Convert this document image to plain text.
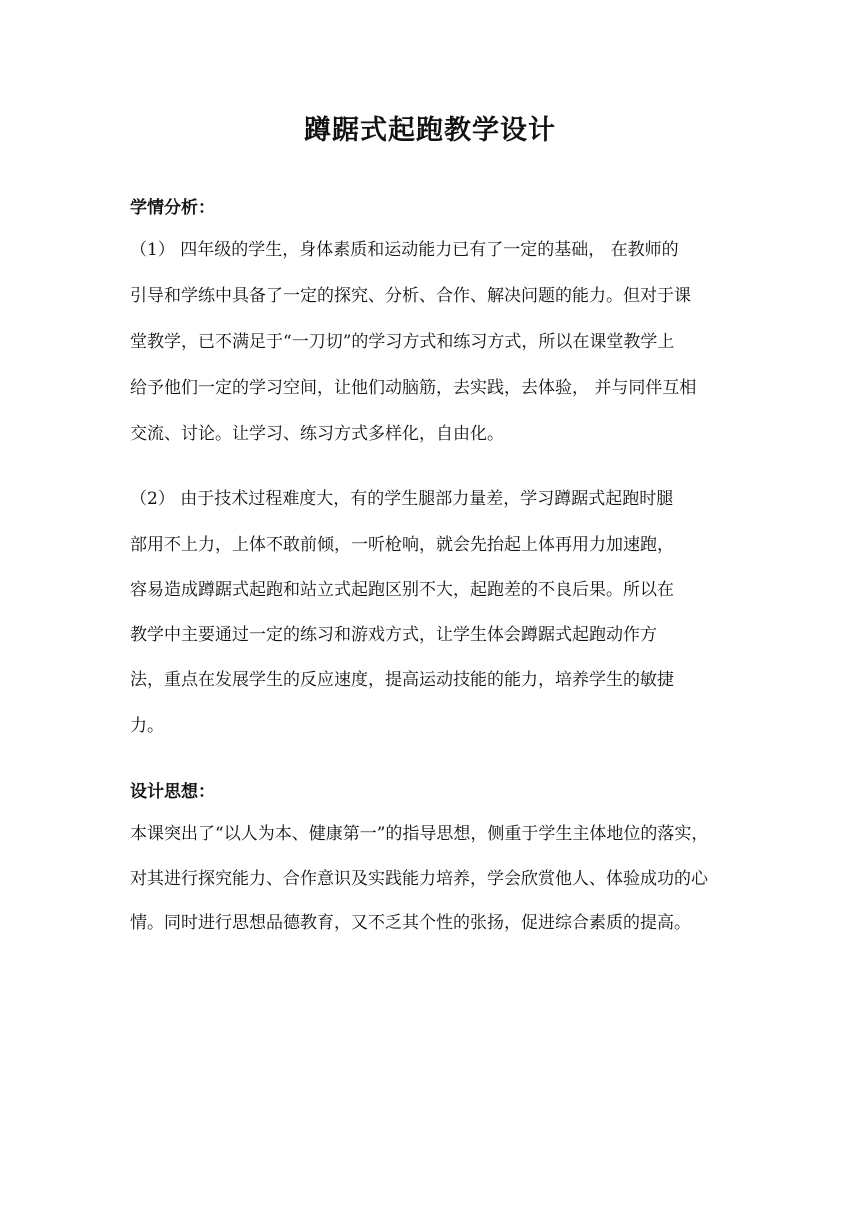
蹲踞式起跑教学设计
学情分析：
（1） 四年级的学生，身体素质和运动能力已有了一定的基础， 在教师的
引导和学练中具备了一定的探究、分析、合作、解决问题的能力。但对于课
堂教学，已不满足于“一刀切”的学习方式和练习方式，所以在课堂教学上
给予他们一定的学习空间，让他们动脑筋，去实践，去体验， 并与同伴互相
交流、讨论。让学习、练习方式多样化，自由化。
（2） 由于技术过程难度大，有的学生腿部力量差，学习蹲踞式起跑时腿
部用不上力，上体不敢前倾，一听枪响，就会先抬起上体再用力加速跑，
容易造成蹲踞式起跑和站立式起跑区别不大，起跑差的不良后果。所以在
教学中主要通过一定的练习和游戏方式，让学生体会蹲踞式起跑动作方
法，重点在发展学生的反应速度，提高运动技能的能力，培养学生的敏捷
力。
设计思想：
本课突出了“以人为本、健康第一”的指导思想，侧重于学生主体地位的落实，
对其进行探究能力、合作意识及实践能力培养，学会欣赏他人、体验成功的心
情。同时进行思想品德教育，又不乏其个性的张扬，促进综合素质的提高。
